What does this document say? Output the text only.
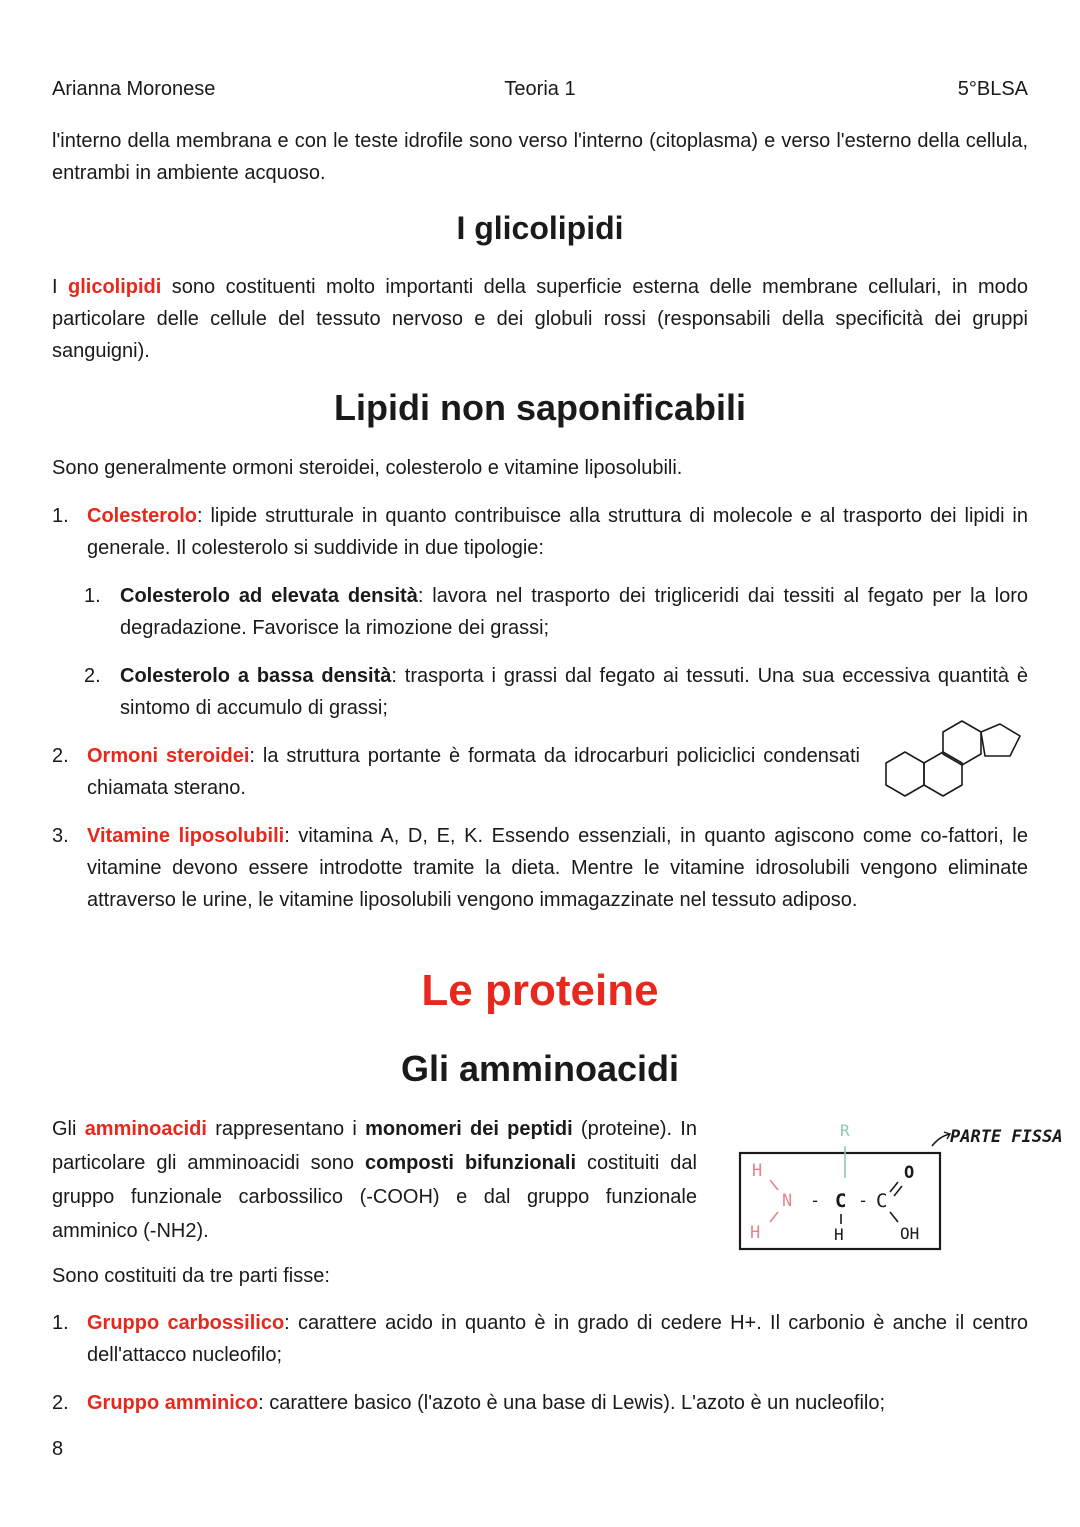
Arianna Moronese	Teoria 1	5°BLSA
l'interno della membrana e con le teste idrofile sono verso l'interno (citoplasma) e verso l'esterno della cellula, entrambi in ambiente acquoso.
I glicolipidi
I glicolipidi sono costituenti molto importanti della superficie esterna delle membrane cellulari, in modo particolare delle cellule del tessuto nervoso e dei globuli rossi (responsabili della specificità dei gruppi sanguigni).
Lipidi non saponificabili
Sono generalmente ormoni steroidei, colesterolo e vitamine liposolubili.
1. Colesterolo: lipide strutturale in quanto contribuisce alla struttura di molecole e al trasporto dei lipidi in generale. Il colesterolo si suddivide in due tipologie:
1. Colesterolo ad elevata densità: lavora nel trasporto dei trigliceridi dai tessiti al fegato per la loro degradazione. Favorisce la rimozione dei grassi;
2. Colesterolo a bassa densità: trasporta i grassi dal fegato ai tessuti. Una sua eccessiva quantità è sintomo di accumulo di grassi;
2. Ormoni steroidei: la struttura portante è formata da idrocarburi policiclici condensati chiamata sterano.
3. Vitamine liposolubili: vitamina A, D, E, K. Essendo essenziali, in quanto agiscono come co-fattori, le vitamine devono essere introdotte tramite la dieta. Mentre le vitamine idrosolubili vengono eliminate attraverso le urine, le vitamine liposolubili vengono immagazzinate nel tessuto adiposo.
Le proteine
Gli amminoacidi
Gli amminoacidi rappresentano i monomeri dei peptidi (proteine). In particolare gli amminoacidi sono composti bifunzionali costituiti dal gruppo funzionale carbossilico (-COOH) e dal gruppo funzionale amminico (-NH2).
R
H
N
H
- C - C
O
OH
H
PARTE FISSA
Sono costituiti da tre parti fisse:
1. Gruppo carbossilico: carattere acido in quanto è in grado di cedere H+. Il carbonio è anche il centro dell'attacco nucleofilo;
2. Gruppo amminico: carattere basico (l'azoto è una base di Lewis). L'azoto è un nucleofilo;
8
